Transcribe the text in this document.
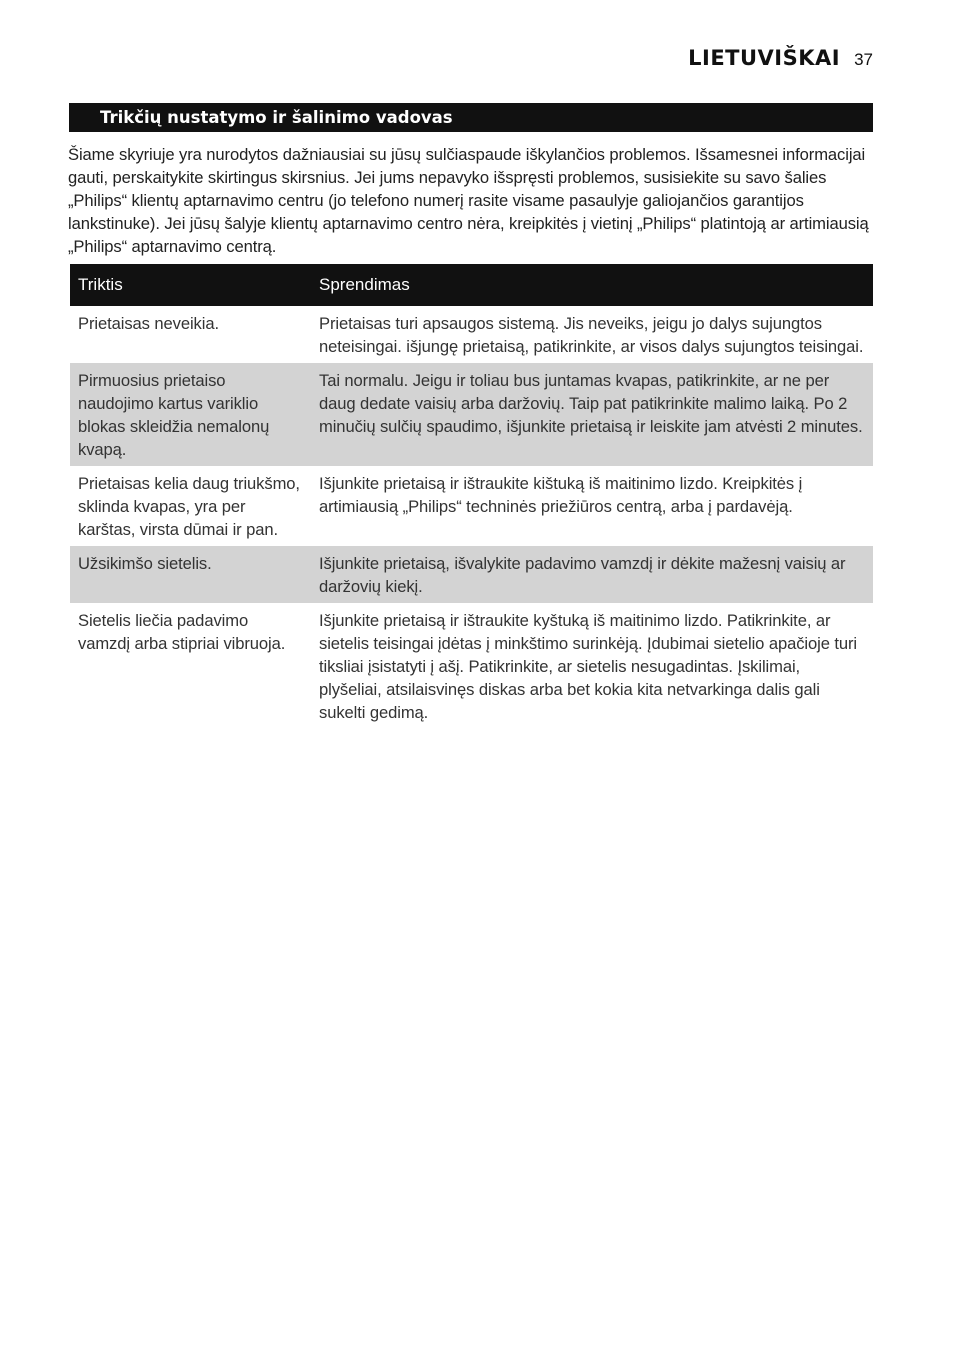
LIETUVIŠKAI 37
Trikčių nustatymo ir šalinimo vadovas

Šiame skyriuje yra nurodytos dažniausiai su jūsų sulčiaspaude iškylančios problemos. Išsamesnei informacijai gauti, perskaitykite skirtingus skirsnius. Jei jums nepavyko išspręsti problemos, susisiekite su savo šalies „Philips“ klientų aptarnavimo centru (jo telefono numerį rasite visame pasaulyje galiojančios garantijos lankstinuke). Jei jūsų šalyje klientų aptarnavimo centro nėra, kreipkitės į vietinį „Philips“ platintoją ar artimiausią „Philips“ aptarnavimo centrą.

Triktis	Sprendimas
Prietaisas neveikia.	Prietaisas turi apsaugos sistemą. Jis neveiks, jeigu jo dalys sujungtos neteisingai. išjungę prietaisą, patikrinkite, ar visos dalys sujungtos teisingai.
Pirmuosius prietaiso naudojimo kartus variklio blokas skleidžia nemalonų kvapą.	Tai normalu. Jeigu ir toliau bus juntamas kvapas, patikrinkite, ar ne per daug dedate vaisių arba daržovių. Taip pat patikrinkite malimo laiką. Po 2 minučių sulčių spaudimo, išjunkite prietaisą ir leiskite jam atvėsti 2 minutes.
Prietaisas kelia daug triukšmo, sklinda kvapas, yra per karštas, virsta dūmai ir pan.	Išjunkite prietaisą ir ištraukite kištuką iš maitinimo lizdo. Kreipkitės į artimiausią „Philips“ techninės priežiūros centrą, arba į pardavėją.
Užsikimšo sietelis.	Išjunkite prietaisą, išvalykite padavimo vamzdį ir dėkite mažesnį vaisių ar daržovių kiekį.
Sietelis liečia padavimo vamzdį arba stipriai vibruoja.	Išjunkite prietaisą ir ištraukite kyštuką iš maitinimo lizdo. Patikrinkite, ar sietelis teisingai įdėtas į minkštimo surinkėją. Įdubimai sietelio apačioje turi tiksliai įsistatyti į ašį. Patikrinkite, ar sietelis nesugadintas. Įskilimai, plyšeliai, atsilaisvinęs diskas arba bet kokia kita netvarkinga dalis gali sukelti gedimą.
